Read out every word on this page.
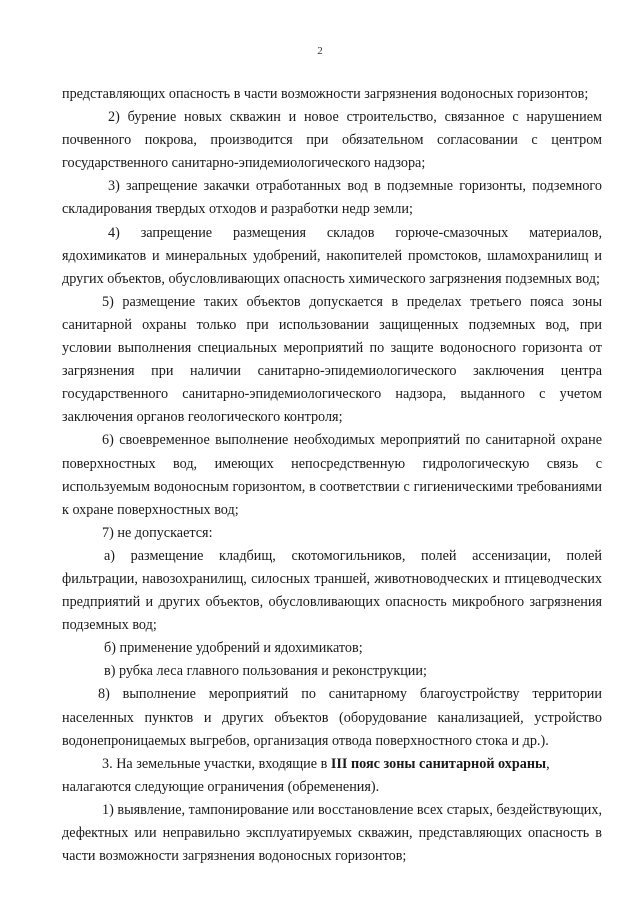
2

представляющих опасность в части возможности загрязнения водоносных горизонтов;

2) бурение новых скважин и новое строительство, связанное с нарушением почвенного покрова, производится при обязательном согласовании с центром государственного санитарно-эпидемиологического надзора;

3) запрещение закачки отработанных вод в подземные горизонты, подземного складирования твердых отходов и разработки недр земли;

4) запрещение размещения складов горюче-смазочных материалов, ядохимикатов и минеральных удобрений, накопителей промстоков, шламохранилищ и других объектов, обусловливающих опасность химического загрязнения подземных вод;

5) размещение таких объектов допускается в пределах третьего пояса зоны санитарной охраны только при использовании защищенных подземных вод, при условии выполнения специальных мероприятий по защите водоносного горизонта от загрязнения при наличии санитарно-эпидемиологического заключения центра государственного санитарно-эпидемиологического надзора, выданного с учетом заключения органов геологического контроля;

6) своевременное выполнение необходимых мероприятий по санитарной охране поверхностных вод, имеющих непосредственную гидрологическую связь с используемым водоносным горизонтом, в соответствии с гигиеническими требованиями к охране поверхностных вод;

7) не допускается:

а) размещение кладбищ, скотомогильников, полей ассенизации, полей фильтрации, навозохранилищ, силосных траншей, животноводческих и птицеводческих предприятий и других объектов, обусловливающих опасность микробного загрязнения подземных вод;

б) применение удобрений и ядохимикатов;

в) рубка леса главного пользования и реконструкции;

8) выполнение мероприятий по санитарному благоустройству территории населенных пунктов и других объектов (оборудование канализацией, устройство водонепроницаемых выгребов, организация отвода поверхностного стока и др.).

3. На земельные участки, входящие в III пояс зоны санитарной охраны,

налагаются следующие ограничения (обременения).

1) выявление, тампонирование или восстановление всех старых, бездействующих, дефектных или неправильно эксплуатируемых скважин, представляющих опасность в части возможности загрязнения водоносных горизонтов;
